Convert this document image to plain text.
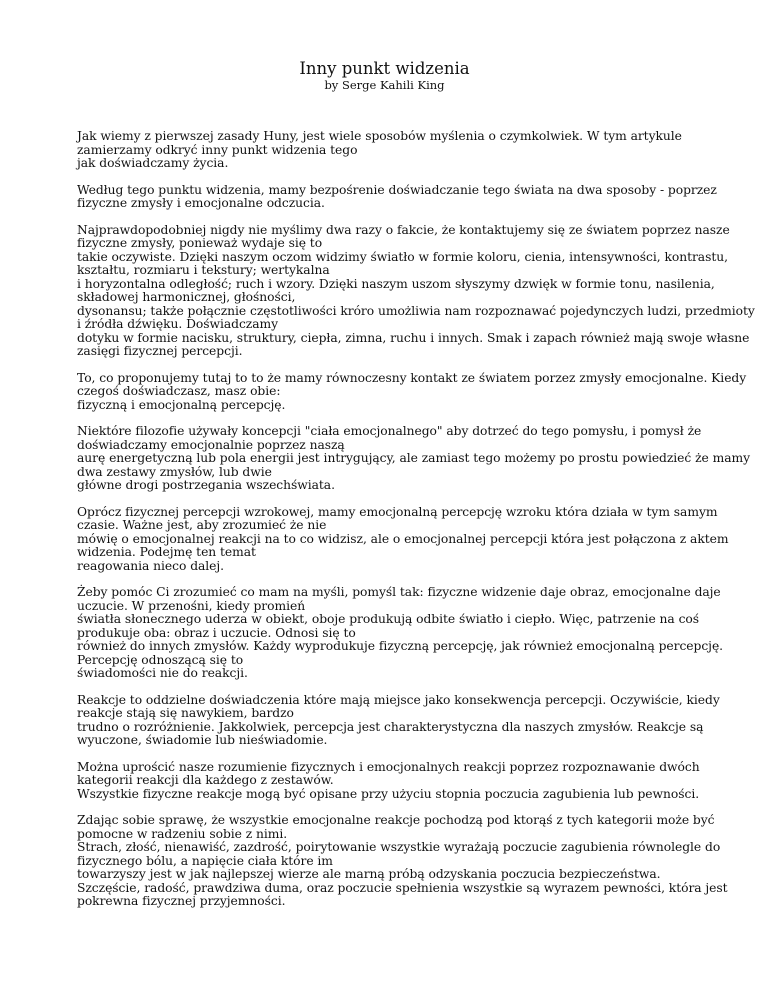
Inny punkt widzenia
by Serge Kahili King

Jak wiemy z pierwszej zasady Huny, jest wiele sposobów myślenia o czymkolwiek. W tym artykule
zamierzamy odkryć inny punkt widzenia tego
jak doświadczamy życia.

Według tego punktu widzenia, mamy bezpośrenie doświadczanie tego świata na dwa sposoby - poprzez
fizyczne zmysły i emocjonalne odczucia.

Najprawdopodobniej nigdy nie myślimy dwa razy o fakcie, że kontaktujemy się ze światem poprzez nasze
fizyczne zmysły, ponieważ wydaje się to
takie oczywiste. Dzięki naszym oczom widzimy światło w formie koloru, cienia, intensywności, kontrastu,
kształtu, rozmiaru i tekstury; wertykalna
i horyzontalna odległość; ruch i wzory. Dzięki naszym uszom słyszymy dzwięk w formie tonu, nasilenia,
składowej harmonicznej, głośności,
dysonansu; także połącznie częstotliwości króro umożliwia nam rozpoznawać pojedynczych ludzi, przedmioty
i źródła dźwięku. Doświadczamy
dotyku w formie nacisku, struktury, ciepła, zimna, ruchu i innych. Smak i zapach również mają swoje własne
zasięgi fizycznej percepcji.

To, co proponujemy tutaj to to że mamy równoczesny kontakt ze światem porzez zmysły emocjonalne. Kiedy
czegoś doświadczasz, masz obie:
fizyczną i emocjonalną percepcję.

Niektóre filozofie używały koncepcji "ciała emocjonalnego" aby dotrzeć do tego pomysłu, i pomysł że
doświadczamy emocjonalnie poprzez naszą
aurę energetyczną lub pola energii jest intrygujący, ale zamiast tego możemy po prostu powiedzieć że mamy
dwa zestawy zmysłów, lub dwie
główne drogi postrzegania wszechświata.

Oprócz fizycznej percepcji wzrokowej, mamy emocjonalną percepcję wzroku która działa w tym samym
czasie. Ważne jest, aby zrozumieć że nie
mówię o emocjonalnej reakcji na to co widzisz, ale o emocjonalnej percepcji która jest połączona z aktem
widzenia. Podejmę ten temat
reagowania nieco dalej.

Żeby pomóc Ci zrozumieć co mam na myśli, pomyśl tak: fizyczne widzenie daje obraz, emocjonalne daje
uczucie. W przenośni, kiedy promień
światła słonecznego uderza w obiekt, oboje produkują odbite światło i ciepło. Więc, patrzenie na coś
produkuje oba: obraz i uczucie. Odnosi się to
również do innych zmysłów. Każdy wyprodukuje fizyczną percepcję, jak również emocjonalną percepcję.
Percepcję odnoszącą się to
świadomości nie do reakcji.

Reakcje to oddzielne doświadczenia które mają miejsce jako konsekwencja percepcji. Oczywiście, kiedy
reakcje stają się nawykiem, bardzo
trudno o rozróżnienie. Jakkolwiek, percepcja jest charakterystyczna dla naszych zmysłów. Reakcje są
wyuczone, świadomie lub nieświadomie.

Można uprościć nasze rozumienie fizycznych i emocjonalnych reakcji poprzez rozpoznawanie dwóch
kategorii reakcji dla każdego z zestawów.
Wszystkie fizyczne reakcje mogą być opisane przy użyciu stopnia poczucia zagubienia lub pewności.

Zdając sobie sprawę, że wszystkie emocjonalne reakcje pochodzą pod ktorąś z tych kategorii może być
pomocne w radzeniu sobie z nimi.
Strach, złość, nienawiść, zazdrość, poirytowanie wszystkie wyrażają poczucie zagubienia równolegle do
fizycznego bólu, a napięcie ciała które im
towarzyszy jest w jak najlepszej wierze ale marną próbą odzyskania poczucia bezpieczeństwa.
Szczęście, radość, prawdziwa duma, oraz poczucie spełnienia wszystkie są wyrazem pewności, która jest
pokrewna fizycznej przyjemności.
